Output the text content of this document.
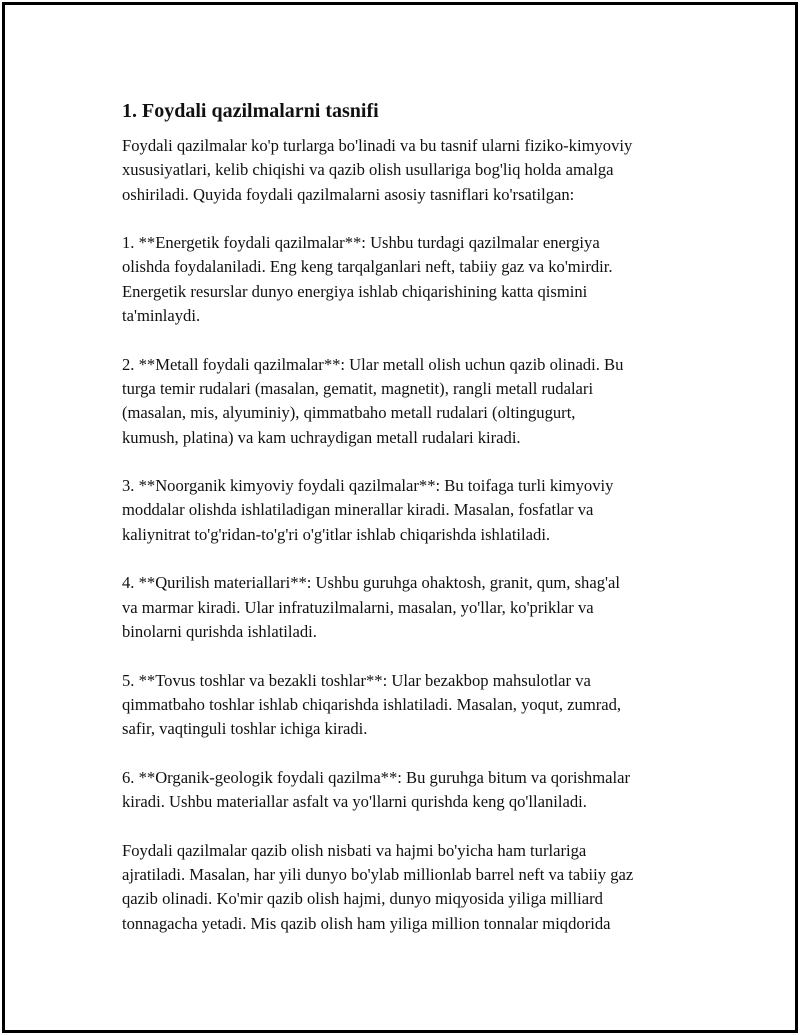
1. Foydali qazilmalarni tasnifi

Foydali qazilmalar ko'p turlarga bo'linadi va bu tasnif ularni fiziko-kimyoviy
xususiyatlari, kelib chiqishi va qazib olish usullariga bog'liq holda amalga
oshiriladi. Quyida foydali qazilmalarni asosiy tasniflari ko'rsatilgan:

1. **Energetik foydali qazilmalar**: Ushbu turdagi qazilmalar energiya
olishda foydalaniladi. Eng keng tarqalganlari neft, tabiiy gaz va ko'mirdir.
Energetik resurslar dunyo energiya ishlab chiqarishining katta qismini
ta'minlaydi.

2. **Metall foydali qazilmalar**: Ular metall olish uchun qazib olinadi. Bu
turga temir rudalari (masalan, gematit, magnetit), rangli metall rudalari
(masalan, mis, alyuminiy), qimmatbaho metall rudalari (oltingugurt,
kumush, platina) va kam uchraydigan metall rudalari kiradi.

3. **Noorganik kimyoviy foydali qazilmalar**: Bu toifaga turli kimyoviy
moddalar olishda ishlatiladigan minerallar kiradi. Masalan, fosfatlar va
kaliynitrat to'g'ridan-to'g'ri o'g'itlar ishlab chiqarishda ishlatiladi.

4. **Qurilish materiallari**: Ushbu guruhga ohaktosh, granit, qum, shag'al
va marmar kiradi. Ular infratuzilmalarni, masalan, yo'llar, ko'priklar va
binolarni qurishda ishlatiladi.

5. **Tovus toshlar va bezakli toshlar**: Ular bezakbop mahsulotlar va
qimmatbaho toshlar ishlab chiqarishda ishlatiladi. Masalan, yoqut, zumrad,
safir, vaqtinguli toshlar ichiga kiradi.

6. **Organik-geologik foydali qazilma**: Bu guruhga bitum va qorishmalar
kiradi. Ushbu materiallar asfalt va yo'llarni qurishda keng qo'llaniladi.

Foydali qazilmalar qazib olish nisbati va hajmi bo'yicha ham turlariga
ajratiladi. Masalan, har yili dunyo bo'ylab millionlab barrel neft va tabiiy gaz
qazib olinadi. Ko'mir qazib olish hajmi, dunyo miqyosida yiligа milliard
tonnagacha yetadi. Mis qazib olish ham yiliga million tonnalar miqdorida
